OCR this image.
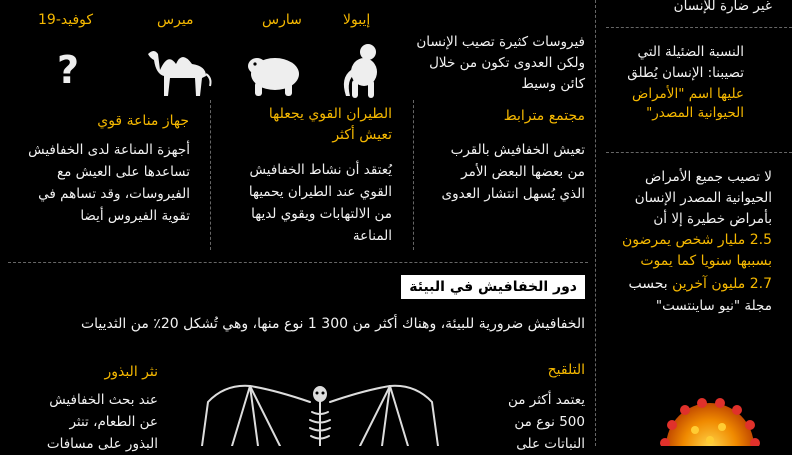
غير ضارة للإنسان
النسبة الضئيلة التي
تصيبنا: الإنسان يُطلق
عليها اسم "الأمراض
الحيوانية المصدر"
لا تصيب جميع الأمراض
الحيوانية المصدر الإنسان
بأمراض خطيرة إلا أن
2.5 مليار شخص يمرضون
بسببها سنويا كما يموت
2.7 مليون آخرين بحسب
مجلة "نيو ساينتست"
إيبولا
سارس
ميرس
كوفيد-19
?
فيروسات كثيرة تصيب الإنسان
ولكن العدوى تكون من خلال
كائن وسيط
مجتمع مترابط
تعيش الخفافيش بالقرب
من بعضها البعض الأمر
الذي يُسهل انتشار العدوى
الطيران القوي يجعلها
تعيش أكثر
يُعتقد أن نشاط الخفافيش
القوي عند الطيران يحميها
من الالتهابات ويقوي لديها
المناعة
جهاز مناعة قوي
أجهزة المناعة لدى الخفافيش
تساعدها على العيش مع
الفيروسات، وقد تساهم في
تقوية الفيروس أيضا
دور الخفافيش في البيئة
الخفافيش ضرورية للبيئة، وهناك أكثر من 300 1 نوع منها، وهي تُشكل 20٪ من الثدييات
التلقيح
يعتمد أكثر من
500 نوع من
النباتات على
نثر البذور
عند بحث الخفافيش
عن الطعام، تنثر
البذور على مسافات
